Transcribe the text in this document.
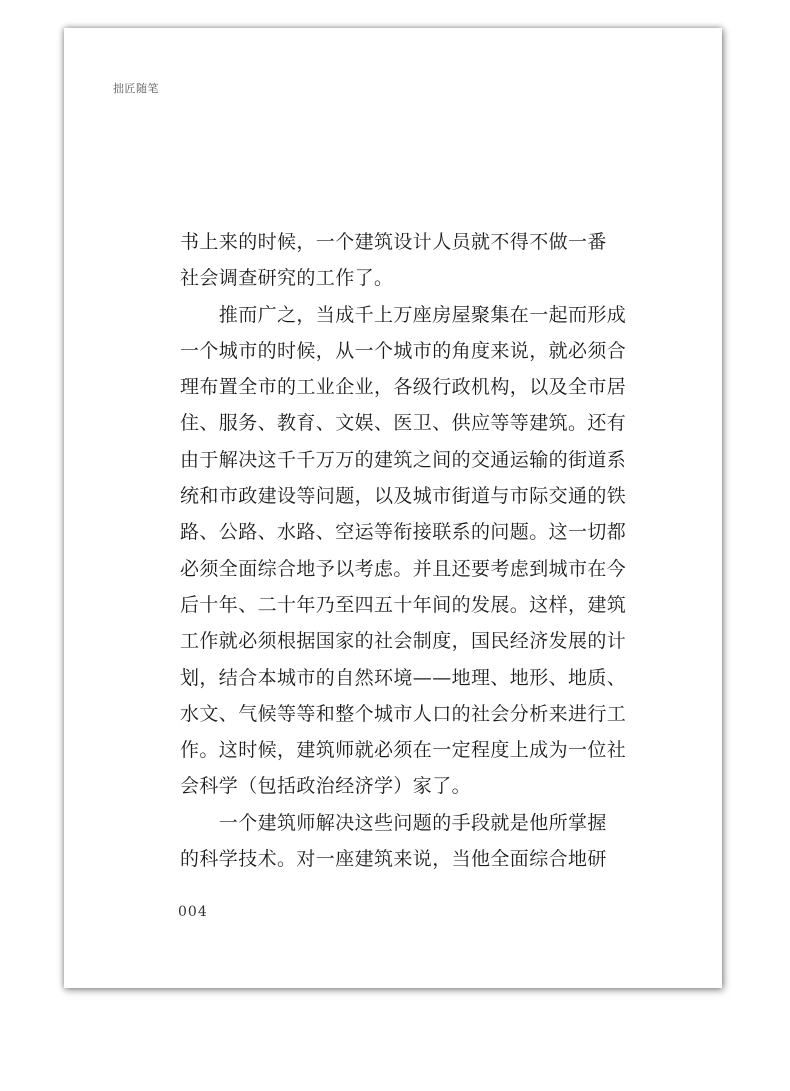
拙匠随笔
书上来的时候，一个建筑设计人员就不得不做一番
社会调查研究的工作了。
　　推而广之，当成千上万座房屋聚集在一起而形成
一个城市的时候，从一个城市的角度来说，就必须合
理布置全市的工业企业，各级行政机构，以及全市居
住、服务、教育、文娱、医卫、供应等等建筑。还有
由于解决这千千万万的建筑之间的交通运输的街道系
统和市政建设等问题，以及城市街道与市际交通的铁
路、公路、水路、空运等衔接联系的问题。这一切都
必须全面综合地予以考虑。并且还要考虑到城市在今
后十年、二十年乃至四五十年间的发展。这样，建筑
工作就必须根据国家的社会制度，国民经济发展的计
划，结合本城市的自然环境——地理、地形、地质、
水文、气候等等和整个城市人口的社会分析来进行工
作。这时候，建筑师就必须在一定程度上成为一位社
会科学（包括政治经济学）家了。
　　一个建筑师解决这些问题的手段就是他所掌握
的科学技术。对一座建筑来说，当他全面综合地研
004
